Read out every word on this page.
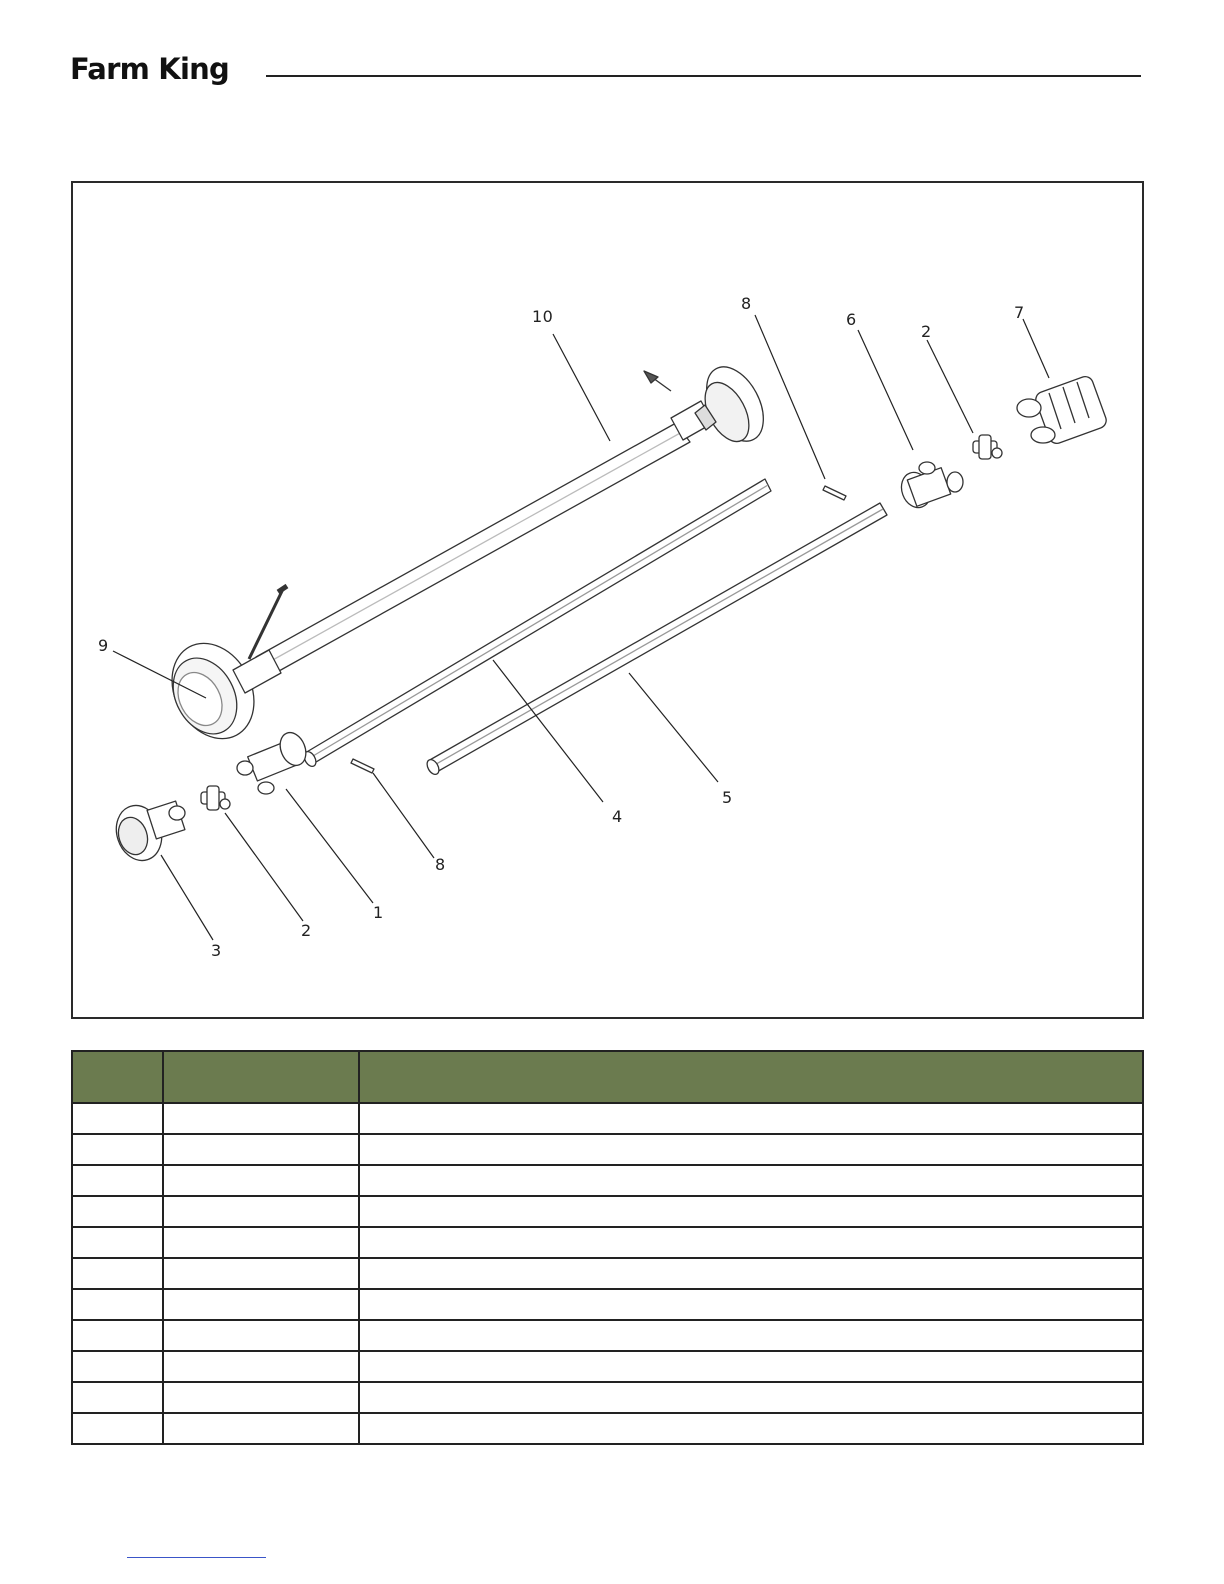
Farm King
10
8
6
2
7
9
4
5
8
1
2
3
